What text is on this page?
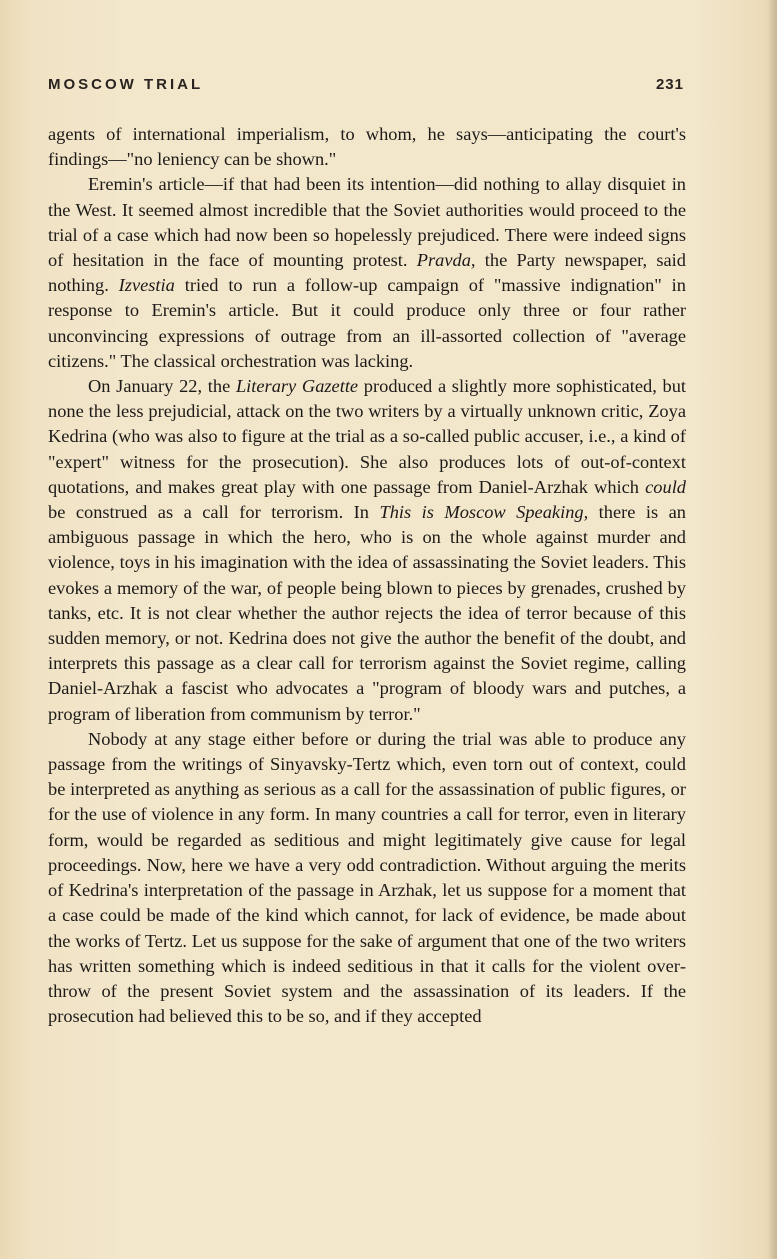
MOSCOW TRIAL	231

agents of international imperialism, to whom, he says—anticipating the court's findings—"no leniency can be shown."

Eremin's article—if that had been its intention—did nothing to allay disquiet in the West. It seemed almost incredible that the Soviet authorities would proceed to the trial of a case which had now been so hopelessly prejudiced. There were indeed signs of hesitation in the face of mounting protest. Pravda, the Party newspaper, said nothing. Izvestia tried to run a follow-up campaign of "massive indignation" in response to Eremin's article. But it could produce only three or four rather unconvincing expressions of outrage from an ill-assorted collection of "average citizens." The classical orchestration was lacking.

On January 22, the Literary Gazette produced a slightly more sophisticated, but none the less prejudicial, attack on the two writers by a virtually unknown critic, Zoya Kedrina (who was also to figure at the trial as a so-called public accuser, i.e., a kind of "expert" witness for the prosecution). She also produces lots of out-of-context quotations, and makes great play with one passage from Daniel-Arzhak which could be construed as a call for terrorism. In This is Moscow Speaking, there is an ambiguous passage in which the hero, who is on the whole against murder and violence, toys in his imagination with the idea of assassinating the Soviet leaders. This evokes a memory of the war, of people being blown to pieces by grenades, crushed by tanks, etc. It is not clear whether the author rejects the idea of terror because of this sudden memory, or not. Kedrina does not give the author the benefit of the doubt, and interprets this passage as a clear call for terrorism against the Soviet regime, calling Daniel-Arzhak a fascist who advocates a "program of bloody wars and putches, a program of liberation from communism by terror."

Nobody at any stage either before or during the trial was able to produce any passage from the writings of Sinyavsky-Tertz which, even torn out of context, could be interpreted as anything as serious as a call for the assassination of public figures, or for the use of violence in any form. In many countries a call for terror, even in literary form, would be regarded as seditious and might legitimately give cause for legal proceedings. Now, here we have a very odd contradiction. Without arguing the merits of Kedrina's interpretation of the passage in Arzhak, let us suppose for a moment that a case could be made of the kind which cannot, for lack of evidence, be made about the works of Tertz. Let us suppose for the sake of argument that one of the two writers has written something which is indeed seditious in that it calls for the violent overthrow of the present Soviet system and the assassination of its leaders. If the prosecution had believed this to be so, and if they accepted
